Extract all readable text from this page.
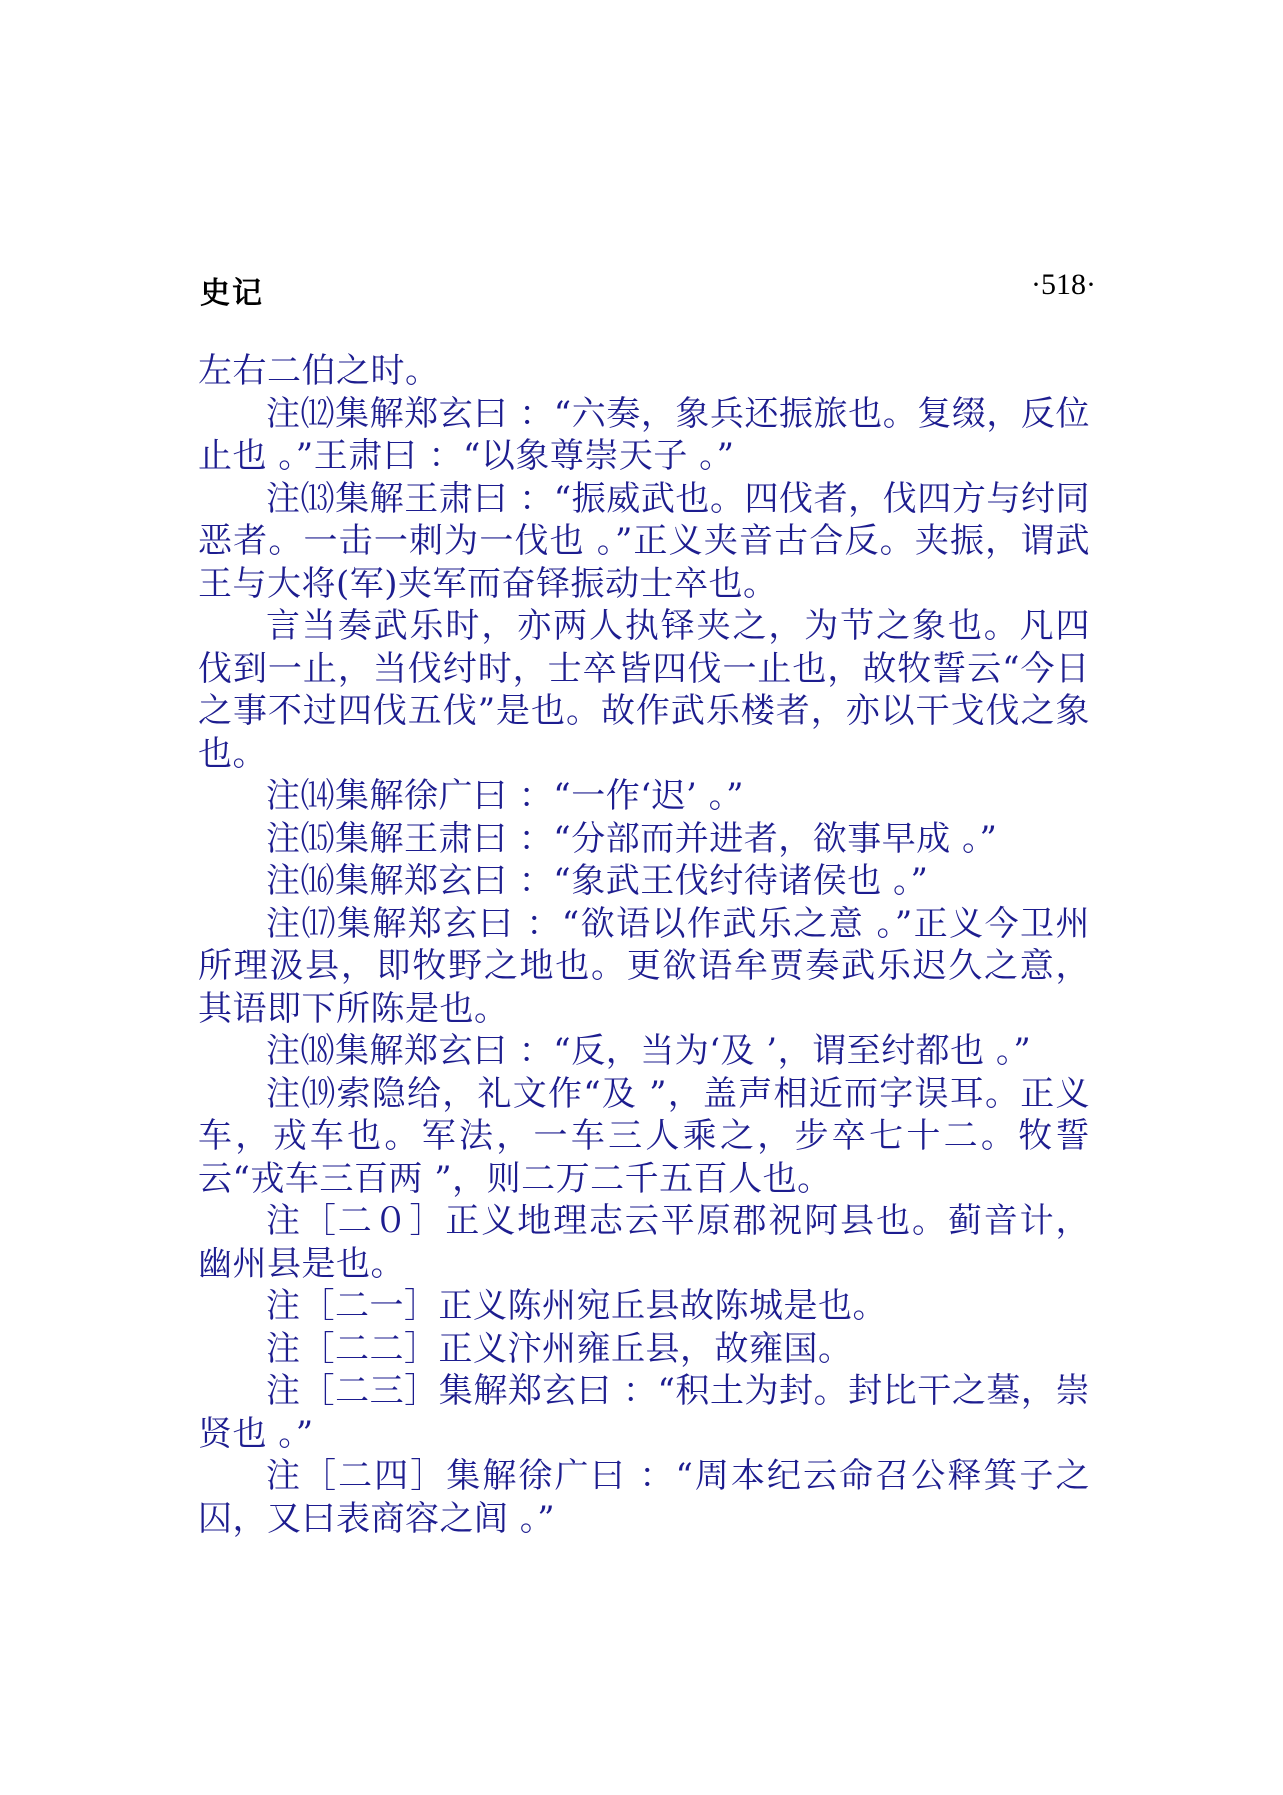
史记	·518·

左右二伯之时。

注⑿集解郑玄曰 ：“六奏，象兵还振旅也。复缀，反位止也 。”王肃曰 ：“以象尊崇天子 。”

注⒀集解王肃曰 ：“振威武也。四伐者，伐四方与纣同恶者。一击一刺为一伐也 。”正义夹音古合反。夹振，谓武王与大将(军)夹军而奋铎振动士卒也。

言当奏武乐时，亦两人执铎夹之，为节之象也。凡四伐到一止，当伐纣时，士卒皆四伐一止也，故牧誓云“今日之事不过四伐五伐”是也。故作武乐楼者，亦以干戈伐之象也。

注⒁集解徐广曰 ：“一作‘迟’ 。”

注⒂集解王肃曰 ：“分部而并进者，欲事早成 。”

注⒃集解郑玄曰 ：“象武王伐纣待诸侯也 。”

注⒄集解郑玄曰 ：“欲语以作武乐之意 。”正义今卫州所理汲县，即牧野之地也。更欲语牟贾奏武乐迟久之意，其语即下所陈是也。

注⒅集解郑玄曰 ：“反，当为‘及 ’，谓至纣都也 。”

注⒆索隐给，礼文作“及 ”，盖声相近而字误耳。正义车，戎车也。军法，一车三人乘之，步卒七十二。牧誓云“戎车三百两 ”，则二万二千五百人也。

注［二０］正义地理志云平原郡祝阿县也。蓟音计，幽州县是也。

注［二一］正义陈州宛丘县故陈城是也。

注［二二］正义汴州雍丘县，故雍国。

注［二三］集解郑玄曰 ：“积土为封。封比干之墓，崇贤也 。”

注［二四］集解徐广曰 ：“周本纪云命召公释箕子之囚，又曰表商容之闾 。”
